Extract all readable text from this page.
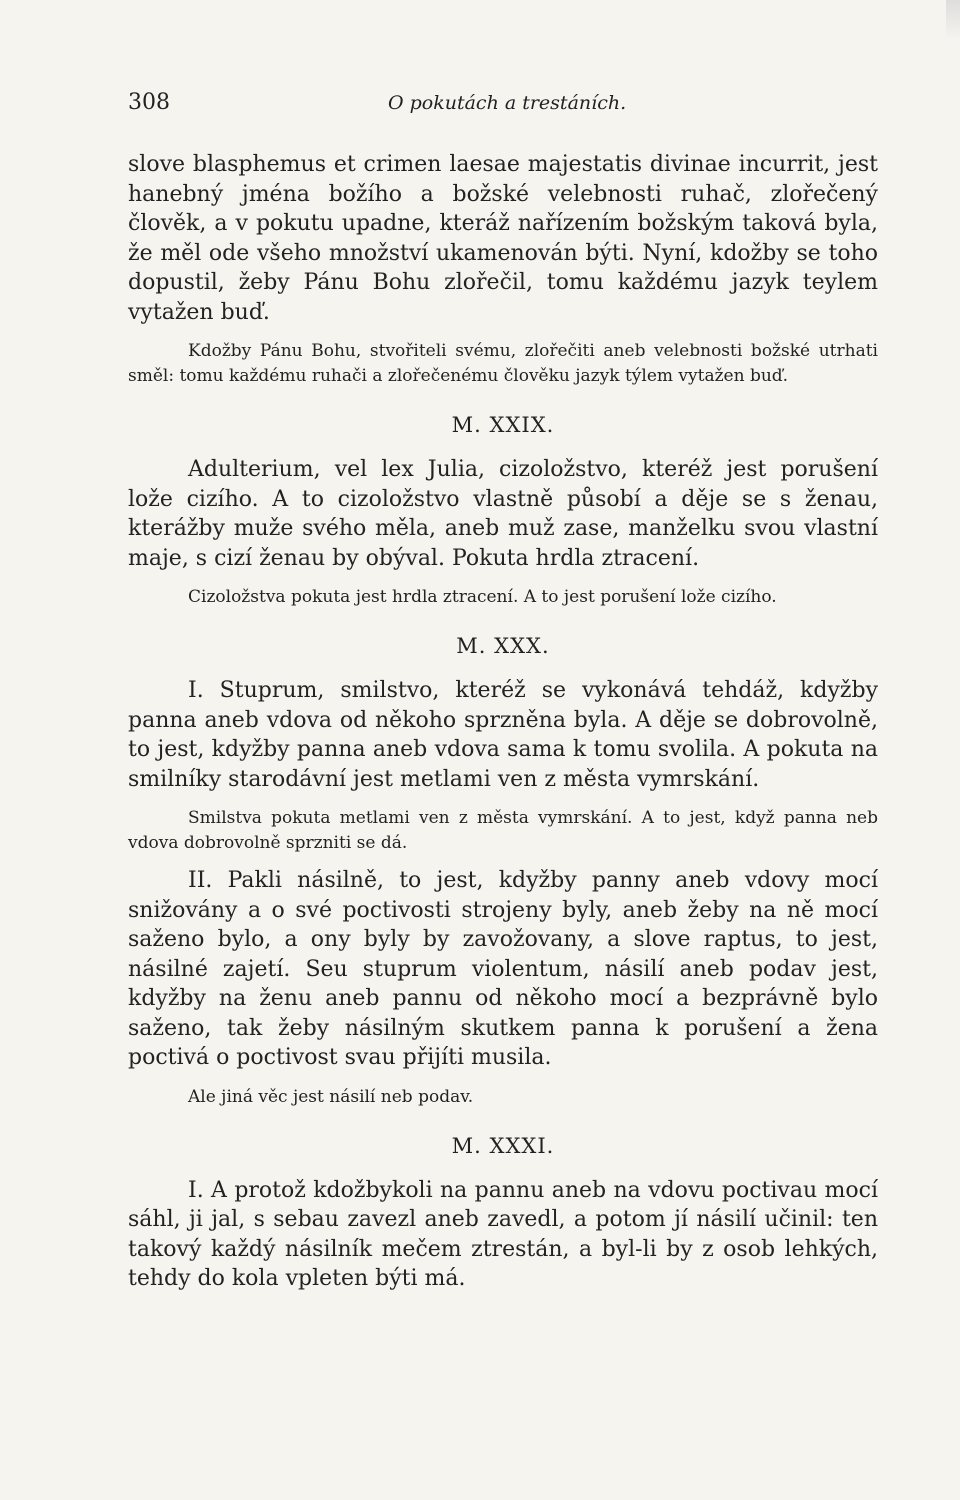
308	O pokutách a trestáních.

slove blasphemus et crimen laesae majestatis divinae incurrit, jest hanebný jména božího a božské velebnosti ruhač, zlořečený člověk, a v pokutu upadne, kteráž nařízením božským taková byla, že měl ode všeho množství ukamenován býti. Nyní, kdožby se toho dopustil, žeby Pánu Bohu zlořečil, tomu každému jazyk teylem vytažen buď.

Kdožby Pánu Bohu, stvořiteli svému, zlořečiti aneb velebnosti božské utrhati směl: tomu každému ruhači a zlořečenému člověku jazyk týlem vytažen buď.

M. XXIX.

Adulterium, vel lex Julia, cizoložstvo, kteréž jest porušení lože cizího. A to cizoložstvo vlastně působí a děje se s ženau, kterážby muže svého měla, aneb muž zase, manželku svou vlastní maje, s cizí ženau by obýval. Pokuta hrdla ztracení.

Cizoložstva pokuta jest hrdla ztracení. A to jest porušení lože cizího.

M. XXX.

I. Stuprum, smilstvo, kteréž se vykonává tehdáž, kdyžby panna aneb vdova od někoho sprzněna byla. A děje se dobrovolně, to jest, kdyžby panna aneb vdova sama k tomu svolila. A pokuta na smilníky starodávní jest metlami ven z města vymrskání.

Smilstva pokuta metlami ven z města vymrskání. A to jest, když panna neb vdova dobrovolně sprzniti se dá.

II. Pakli násilně, to jest, kdyžby panny aneb vdovy mocí snižovány a o své poctivosti strojeny byly, aneb žeby na ně mocí saženo bylo, a ony byly by zavožovany, a slove raptus, to jest, násilné zajetí. Seu stuprum violentum, násilí aneb podav jest, kdyžby na ženu aneb pannu od někoho mocí a bezprávně bylo saženo, tak žeby násilným skutkem panna k porušení a žena poctivá o poctivost svau přijíti musila.

Ale jiná věc jest násilí neb podav.

M. XXXI.

I. A protož kdožbykoli na pannu aneb na vdovu poctivau mocí sáhl, ji jal, s sebau zavezl aneb zavedl, a potom jí násilí učinil: ten takový každý násilník mečem ztrestán, a byl-li by z osob lehkých, tehdy do kola vpleten býti má.
